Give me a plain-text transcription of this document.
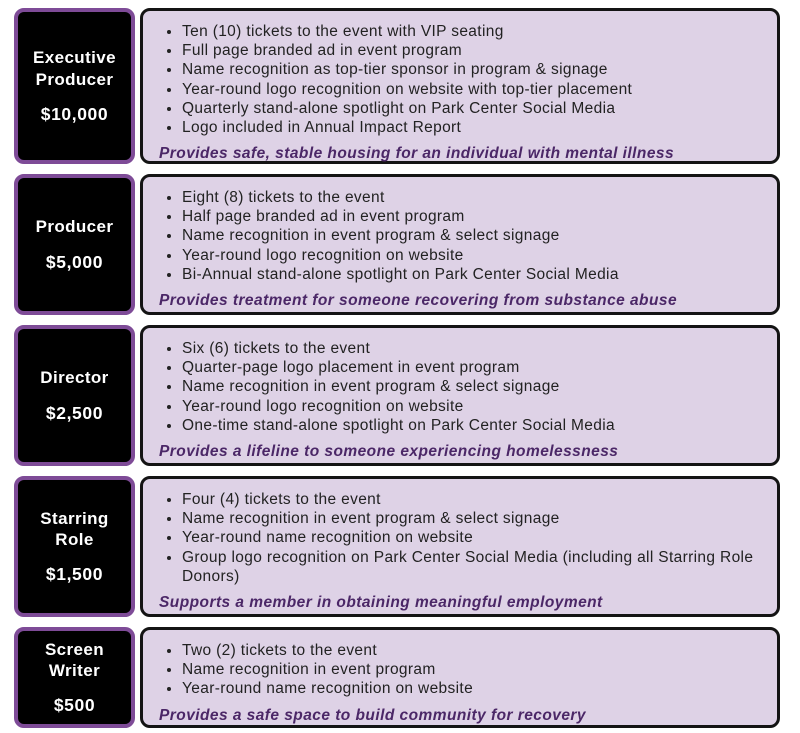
Executive Producer
$10,000
• Ten (10) tickets to the event with VIP seating
• Full page branded ad in event program
• Name recognition as top-tier sponsor in program & signage
• Year-round logo recognition on website with top-tier placement
• Quarterly stand-alone spotlight on Park Center Social Media
• Logo included in Annual Impact Report
Provides safe, stable housing for an individual with mental illness
Producer
$5,000
• Eight (8) tickets to the event
• Half page branded ad in event program
• Name recognition in event program & select signage
• Year-round logo recognition on website
• Bi-Annual stand-alone spotlight on Park Center Social Media
Provides treatment for someone recovering from substance abuse
Director
$2,500
• Six (6) tickets to the event
• Quarter-page logo placement in event program
• Name recognition in event program & select signage
• Year-round logo recognition on website
• One-time stand-alone spotlight on Park Center Social Media
Provides a lifeline to someone experiencing homelessness
Starring Role
$1,500
• Four (4) tickets to the event
• Name recognition in event program & select signage
• Year-round name recognition on website
• Group logo recognition on Park Center Social Media (including all Starring Role Donors)
Supports a member in obtaining meaningful employment
Screen Writer
$500
• Two (2) tickets to the event
• Name recognition in event program
• Year-round name recognition on website
Provides a safe space to build community for recovery
